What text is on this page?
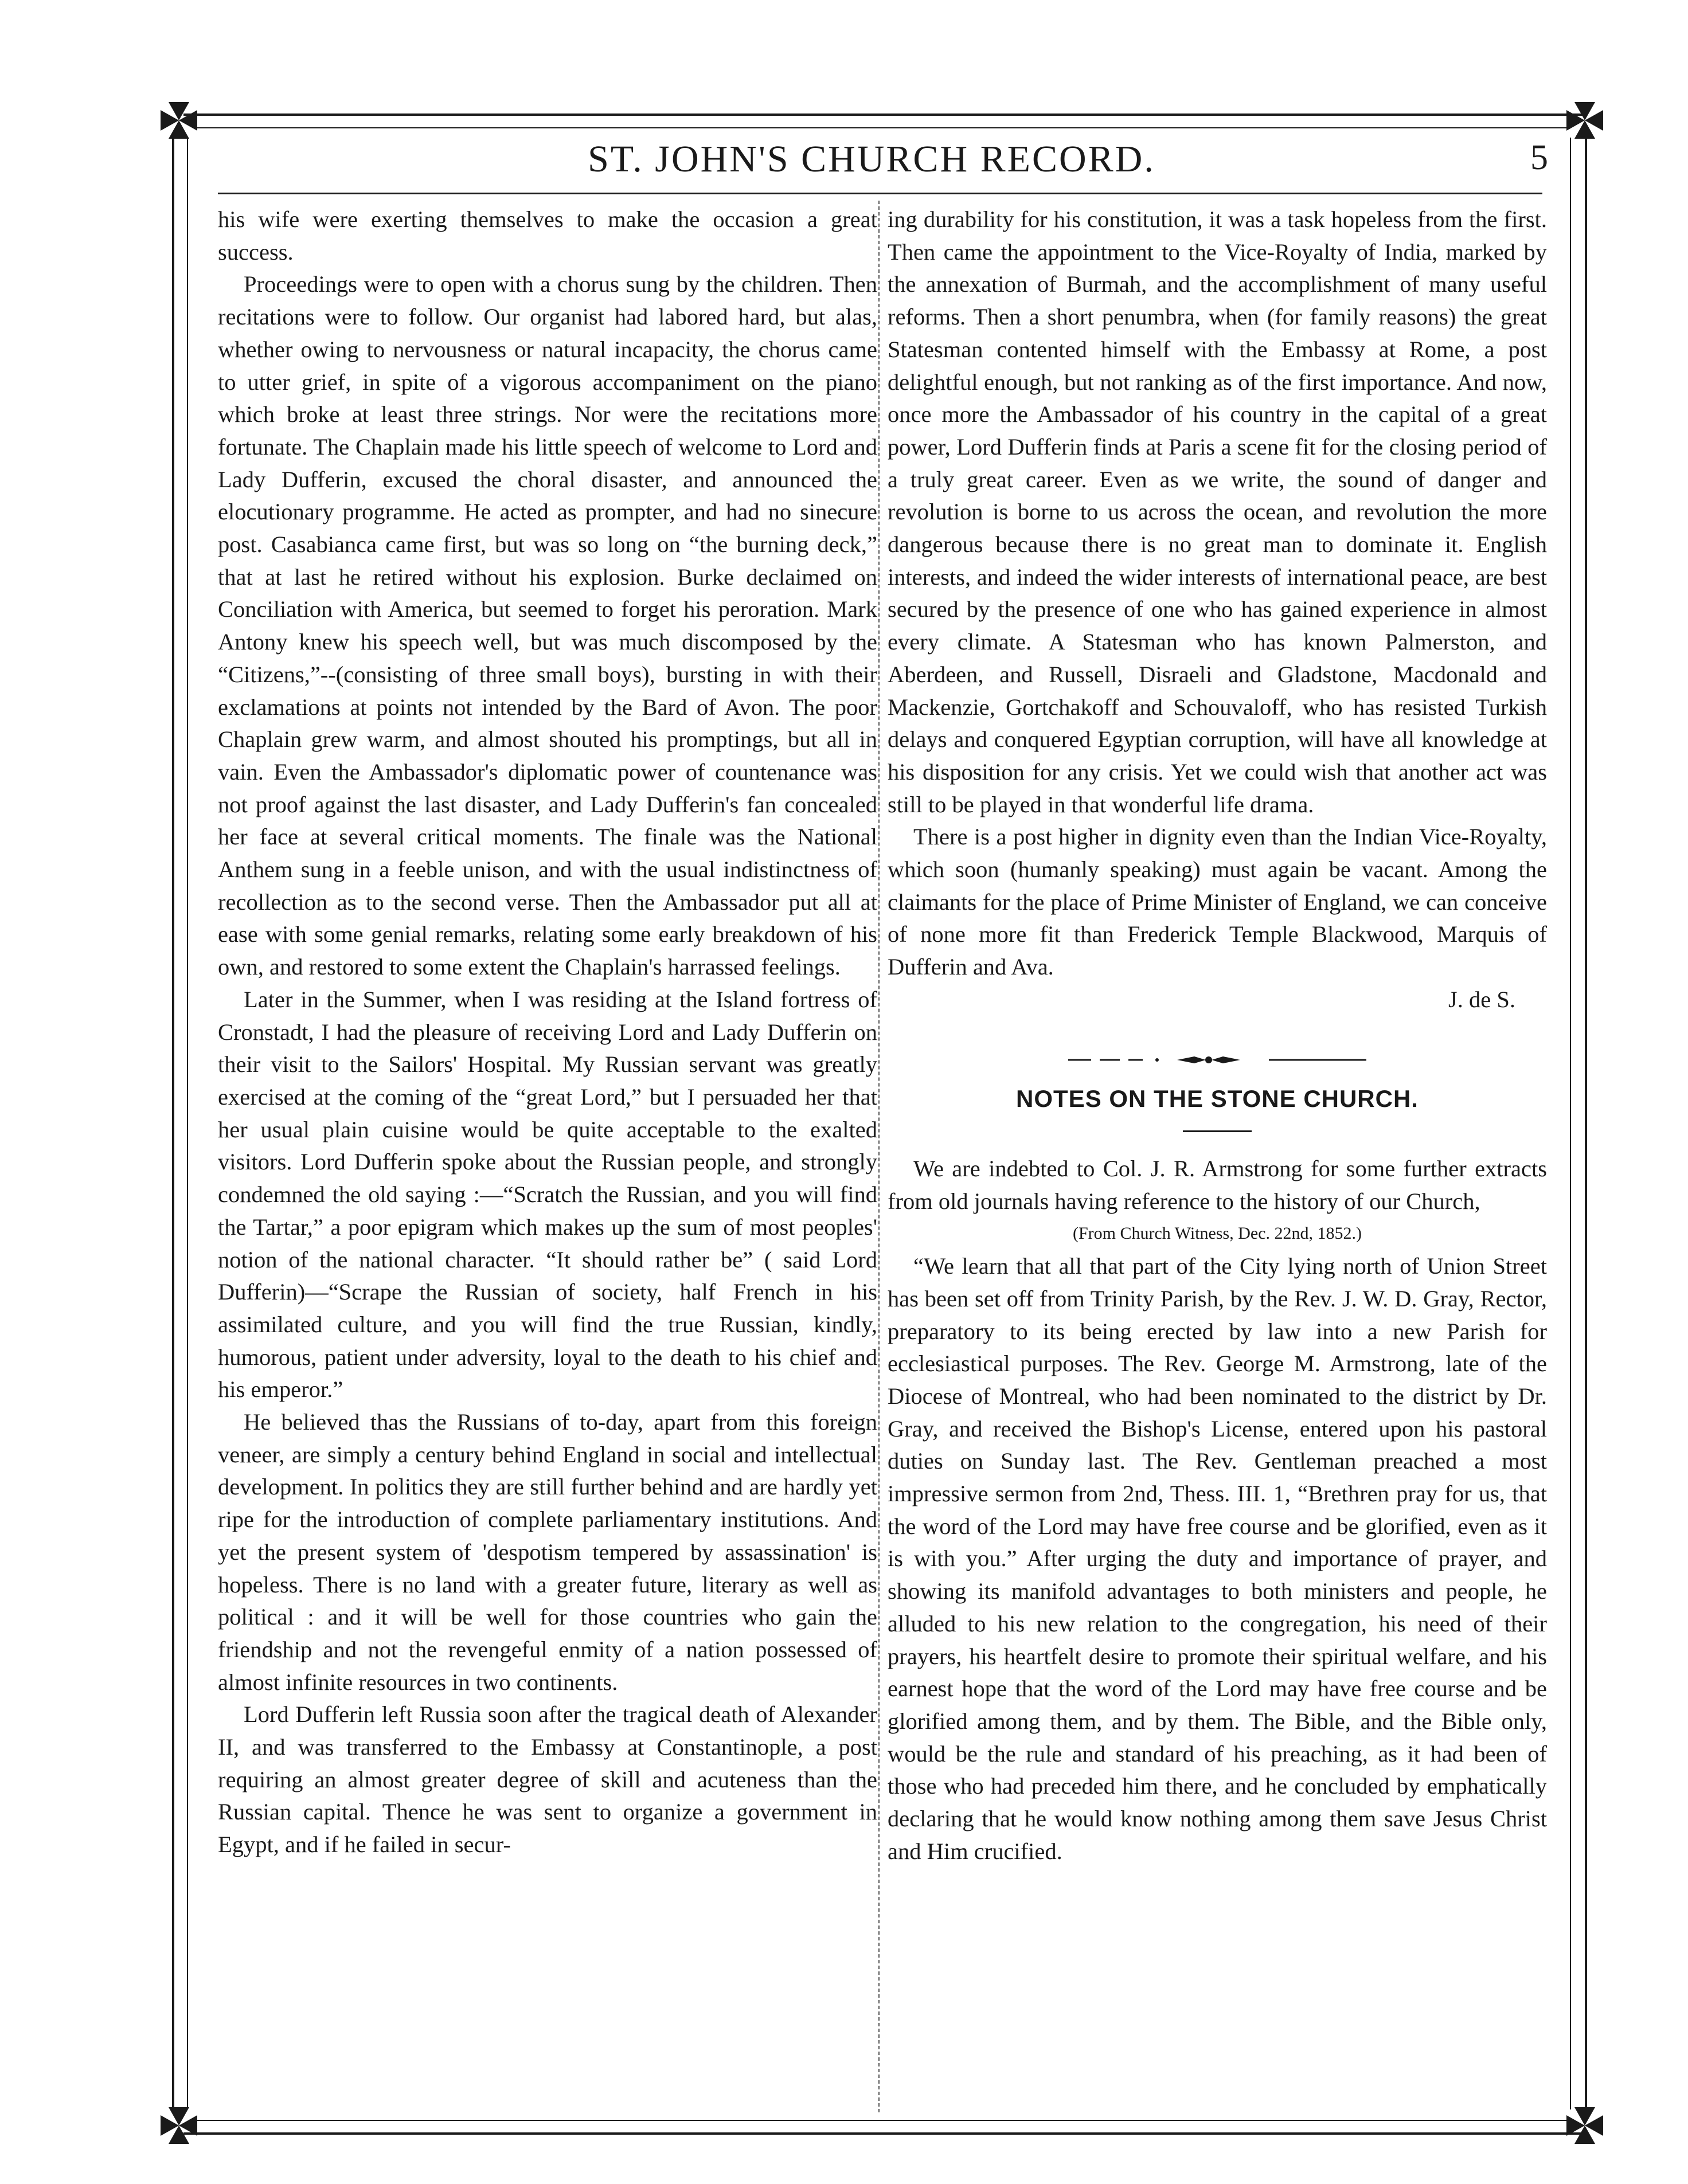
ST. JOHN'S CHURCH RECORD.	5

his wife were exerting themselves to make the occasion a great success.

Proceedings were to open with a chorus sung by the children. Then recitations were to follow. Our organist had labored hard, but alas, whether owing to nervousness or natural incapacity, the chorus came to utter grief, in spite of a vigorous accompaniment on the piano which broke at least three strings. Nor were the recitations more fortunate. The Chaplain made his little speech of welcome to Lord and Lady Dufferin, excused the choral disaster, and announced the elocutionary programme. He acted as prompter, and had no sinecure post. Casabianca came first, but was so long on “the burning deck,” that at last he retired without his explosion. Burke declaimed on Conciliation with America, but seemed to forget his peroration. Mark Antony knew his speech well, but was much discomposed by the “Citizens,”--(consisting of three small boys), bursting in with their exclamations at points not intended by the Bard of Avon. The poor Chaplain grew warm, and almost shouted his promptings, but all in vain. Even the Ambassador's diplomatic power of countenance was not proof against the last disaster, and Lady Dufferin's fan concealed her face at several critical moments. The finale was the National Anthem sung in a feeble unison, and with the usual indistinctness of recollection as to the second verse. Then the Ambassador put all at ease with some genial remarks, relating some early breakdown of his own, and restored to some extent the Chaplain's harrassed feelings.

Later in the Summer, when I was residing at the Island fortress of Cronstadt, I had the pleasure of receiving Lord and Lady Dufferin on their visit to the Sailors' Hospital. My Russian servant was greatly exercised at the coming of the “great Lord,” but I persuaded her that her usual plain cuisine would be quite acceptable to the exalted visitors. Lord Dufferin spoke about the Russian people, and strongly condemned the old saying :—“Scratch the Russian, and you will find the Tartar,” a poor epigram which makes up the sum of most peoples' notion of the national character. “It should rather be” ( said Lord Dufferin)—“Scrape the Russian of society, half French in his assimilated culture, and you will find the true Russian, kindly, humorous, patient under adversity, loyal to the death to his chief and his emperor.”

He believed thas the Russians of to-day, apart from this foreign veneer, are simply a century behind England in social and intellectual development. In politics they are still further behind and are hardly yet ripe for the introduction of complete parliamentary institutions. And yet the present system of 'despotism tempered by assassination' is hopeless. There is no land with a greater future, literary as well as political : and it will be well for those countries who gain the friendship and not the revengeful enmity of a nation possessed of almost infinite resources in two continents.

Lord Dufferin left Russia soon after the tragical death of Alexander II, and was transferred to the Embassy at Constantinople, a post requiring an almost greater degree of skill and acuteness than the Russian capital. Thence he was sent to organize a government in Egypt, and if he failed in secur-

ing durability for his constitution, it was a task hopeless from the first. Then came the appointment to the Vice-Royalty of India, marked by the annexation of Burmah, and the accomplishment of many useful reforms. Then a short penumbra, when (for family reasons) the great Statesman contented himself with the Embassy at Rome, a post delightful enough, but not ranking as of the first importance. And now, once more the Ambassador of his country in the capital of a great power, Lord Dufferin finds at Paris a scene fit for the closing period of a truly great career. Even as we write, the sound of danger and revolution is borne to us across the ocean, and revolution the more dangerous because there is no great man to dominate it. English interests, and indeed the wider interests of international peace, are best secured by the presence of one who has gained experience in almost every climate. A Statesman who has known Palmerston, and Aberdeen, and Russell, Disraeli and Gladstone, Macdonald and Mackenzie, Gortchakoff and Schouvaloff, who has resisted Turkish delays and conquered Egyptian corruption, will have all knowledge at his disposition for any crisis. Yet we could wish that another act was still to be played in that wonderful life drama.

There is a post higher in dignity even than the Indian Vice-Royalty, which soon (humanly speaking) must again be vacant. Among the claimants for the place of Prime Minister of England, we can conceive of none more fit than Frederick Temple Blackwood, Marquis of Dufferin and Ava.

J. de S.

NOTES ON THE STONE CHURCH.

We are indebted to Col. J. R. Armstrong for some further extracts from old journals having reference to the history of our Church,

(From Church Witness, Dec. 22nd, 1852.)

“We learn that all that part of the City lying north of Union Street has been set off from Trinity Parish, by the Rev. J. W. D. Gray, Rector, preparatory to its being erected by law into a new Parish for ecclesiastical purposes. The Rev. George M. Armstrong, late of the Diocese of Montreal, who had been nominated to the district by Dr. Gray, and received the Bishop's License, entered upon his pastoral duties on Sunday last. The Rev. Gentleman preached a most impressive sermon from 2nd, Thess. III. 1, “Brethren pray for us, that the word of the Lord may have free course and be glorified, even as it is with you.” After urging the duty and importance of prayer, and showing its manifold advantages to both ministers and people, he alluded to his new relation to the congregation, his need of their prayers, his heartfelt desire to promote their spiritual welfare, and his earnest hope that the word of the Lord may have free course and be glorified among them, and by them. The Bible, and the Bible only, would be the rule and standard of his preaching, as it had been of those who had preceded him there, and he concluded by emphatically declaring that he would know nothing among them save Jesus Christ and Him crucified.
